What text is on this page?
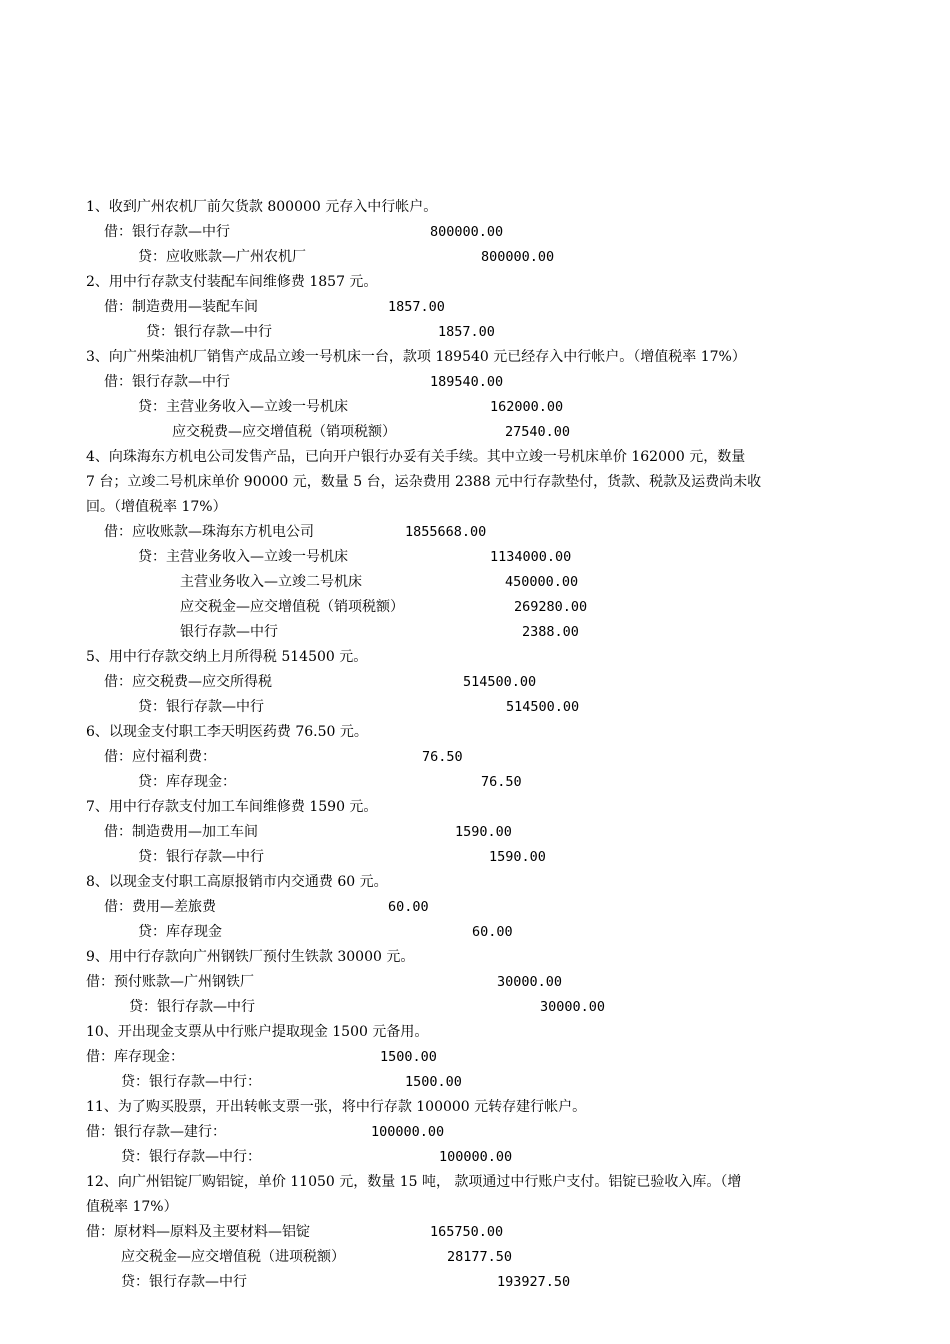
1、收到广州农机厂前欠货款 800000 元存入中行帐户。
借：银行存款—中行	800000.00
贷：应收账款—广州农机厂	800000.00
2、用中行存款支付装配车间维修费 1857 元。
借：制造费用—装配车间	1857.00
贷：银行存款—中行	1857.00
3、向广州柴油机厂销售产成品立竣一号机床一台，款项 189540 元已经存入中行帐户。（增值税率 17%）
借：银行存款—中行	189540.00
贷：主营业务收入—立竣一号机床	162000.00
应交税费—应交增值税（销项税额）	27540.00
4、向珠海东方机电公司发售产品，已向开户银行办妥有关手续。其中立竣一号机床单价 162000 元，数量
7 台；立竣二号机床单价 90000 元，数量 5 台，运杂费用 2388 元中行存款垫付，货款、税款及运费尚未收
回。（增值税率 17%）
借：应收账款—珠海东方机电公司	1855668.00
贷：主营业务收入—立竣一号机床	1134000.00
主营业务收入—立竣二号机床	450000.00
应交税金—应交增值税（销项税额）	269280.00
银行存款—中行	2388.00
5、用中行存款交纳上月所得税 514500 元。
借：应交税费—应交所得税	514500.00
贷：银行存款—中行	514500.00
6、以现金支付职工李天明医药费 76.50 元。
借：应付福利费：	76.50
贷：库存现金：	76.50
7、用中行存款支付加工车间维修费 1590 元。
借：制造费用—加工车间	1590.00
贷：银行存款—中行	1590.00
8、以现金支付职工高原报销市内交通费 60 元。
借：费用—差旅费	60.00
贷：库存现金	60.00
9、用中行存款向广州钢铁厂预付生铁款 30000 元。
借：预付账款—广州钢铁厂	30000.00
贷：银行存款—中行	30000.00
10、开出现金支票从中行账户提取现金 1500 元备用。
借：库存现金：	1500.00
贷：银行存款—中行：	1500.00
11、为了购买股票，开出转帐支票一张，将中行存款 100000 元转存建行帐户。
借：银行存款—建行：	100000.00
贷：银行存款—中行：	100000.00
12、向广州铝锭厂购铝锭，单价 11050 元，数量 15 吨， 款项通过中行账户支付。铝锭已验收入库。（增
值税率 17%）
借：原材料—原料及主要材料—铝锭	165750.00
应交税金—应交增值税（进项税额）	28177.50
贷：银行存款—中行	193927.50
